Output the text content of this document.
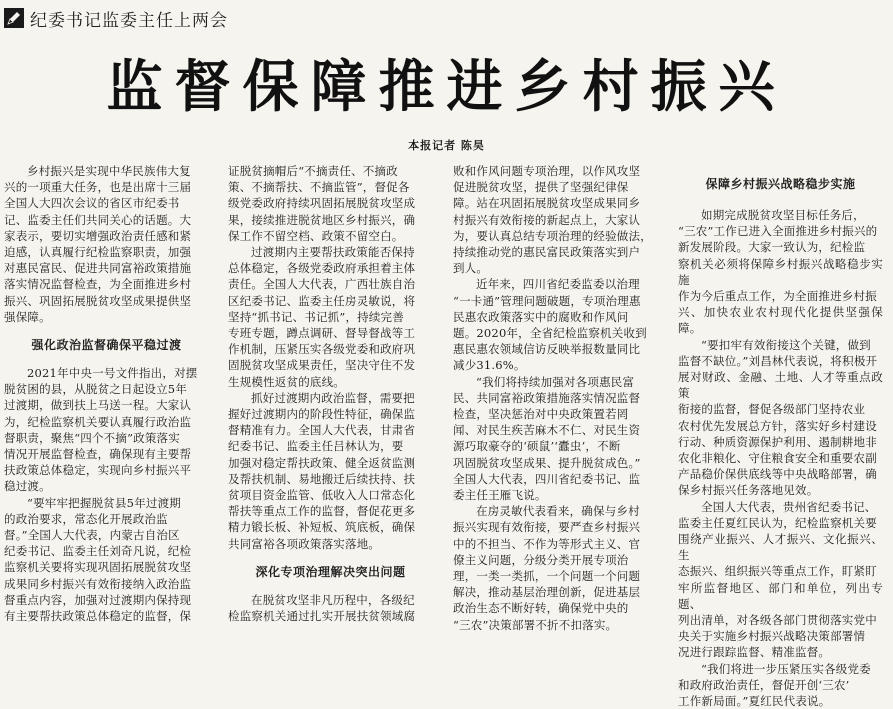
纪委书记监委主任上两会
监督保障推进乡村振兴
本报记者 陈昊

乡村振兴是实现中华民族伟大复
兴的一项重大任务，也是出席十三届
全国人大四次会议的省区市纪委书
记、监委主任们共同关心的话题。大
家表示，要切实增强政治责任感和紧
迫感，认真履行纪检监察职责，加强
对惠民富民、促进共同富裕政策措施
落实情况监督检查，为全面推进乡村
振兴、巩固拓展脱贫攻坚成果提供坚
强保障。

强化政治监督确保平稳过渡

2021年中央一号文件指出，对摆
脱贫困的县，从脱贫之日起设立5年
过渡期，做到扶上马送一程。大家认
为，纪检监察机关要认真履行政治监
督职责，聚焦“四个不摘”政策落实
情况开展监督检查，确保现有主要帮
扶政策总体稳定，实现向乡村振兴平
稳过渡。

“要牢牢把握脱贫县5年过渡期
的政治要求，常态化开展政治监
督。”全国人大代表，内蒙古自治区
纪委书记、监委主任刘奇凡说，纪检
监察机关要将实现巩固拓展脱贫攻坚
成果同乡村振兴有效衔接纳入政治监
督重点内容，加强对过渡期内保持现
有主要帮扶政策总体稳定的监督，保

证脱贫摘帽后“不摘责任、不摘政
策、不摘帮扶、不摘监管”，督促各
级党委政府持续巩固拓展脱贫攻坚成
果，接续推进脱贫地区乡村振兴，确
保工作不留空档、政策不留空白。

过渡期内主要帮扶政策能否保持
总体稳定，各级党委政府承担着主体
责任。全国人大代表，广西壮族自治
区纪委书记、监委主任房灵敏说，将
坚持“抓书记、书记抓”，持续完善
专班专题，蹲点调研、督导督战等工
作机制，压紧压实各级党委和政府巩
固脱贫攻坚成果责任，坚决守住不发
生规模性返贫的底线。

抓好过渡期内政治监督，需要把
握好过渡期内的阶段性特征，确保监
督精准有力。全国人大代表，甘肃省
纪委书记、监委主任吕林认为，要
加强对稳定帮扶政策、健全返贫监测
及帮扶机制、易地搬迁后续扶持、扶
贫项目资金监管、低收入人口常态化
帮扶等重点工作的监督，督促花更多
精力锻长板、补短板、筑底板，确保
共同富裕各项政策落实落地。

深化专项治理解决突出问题

在脱贫攻坚非凡历程中，各级纪
检监察机关通过扎实开展扶贫领域腐

败和作风问题专项治理，以作风攻坚
促进脱贫攻坚，提供了坚强纪律保
障。站在巩固拓展脱贫攻坚成果同乡
村振兴有效衔接的新起点上，大家认
为，要认真总结专项治理的经验做法，
持续推动党的惠民富民政策落实到户
到人。

近年来，四川省纪委监委以治理
“一卡通”管理问题破题，专项治理惠
民惠农政策落实中的腐败和作风问
题。2020年，全省纪检监察机关收到
惠民惠农领域信访反映举报数量同比
减少31.6%。

“我们将持续加强对各项惠民富
民、共同富裕政策措施落实情况监督
检查，坚决惩治对中央政策置若罔
闻、对民生疾苦麻木不仁、对民生资
源巧取豪夺的‘硕鼠’‘蠹虫’，不断
巩固脱贫攻坚成果、提升脱贫成色。”
全国人大代表，四川省纪委书记、监
委主任王雁飞说。

在房灵敏代表看来，确保与乡村
振兴实现有效衔接，要严查乡村振兴
中的不担当、不作为等形式主义、官
僚主义问题，分级分类开展专项治
理，一类一类抓，一个问题一个问题
解决，推动基层治理创新，促进基层
政治生态不断好转，确保党中央的
“三农”决策部署不折不扣落实。

保障乡村振兴战略稳步实施

如期完成脱贫攻坚目标任务后，
“三农”工作已进入全面推进乡村振兴的
新发展阶段。大家一致认为，纪检监
察机关必须将保障乡村振兴战略稳步实施
作为今后重点工作，为全面推进乡村振
兴、加快农业农村现代化提供坚强保障。

“要扣牢有效衔接这个关键，做到
监督不缺位。”刘昌林代表说，将积极开
展对财政、金融、土地、人才等重点政策
衔接的监督，督促各级部门坚持农业
农村优先发展总方针，落实好乡村建设
行动、种质资源保护利用、遏制耕地非
农化非粮化、守住粮食安全和重要农副
产品稳价保供底线等中央战略部署，确
保乡村振兴任务落地见效。

全国人大代表，贵州省纪委书记、
监委主任夏红民认为，纪检监察机关要
围绕产业振兴、人才振兴、文化振兴、生
态振兴、组织振兴等重点工作，盯紧盯
牢所监督地区、部门和单位，列出专题、
列出清单，对各级各部门贯彻落实党中
央关于实施乡村振兴战略决策部署情
况进行跟踪监督、精准监督。

“我们将进一步压紧压实各级党委
和政府政治责任，督促开创‘三农’
工作新局面。”夏红民代表说。
